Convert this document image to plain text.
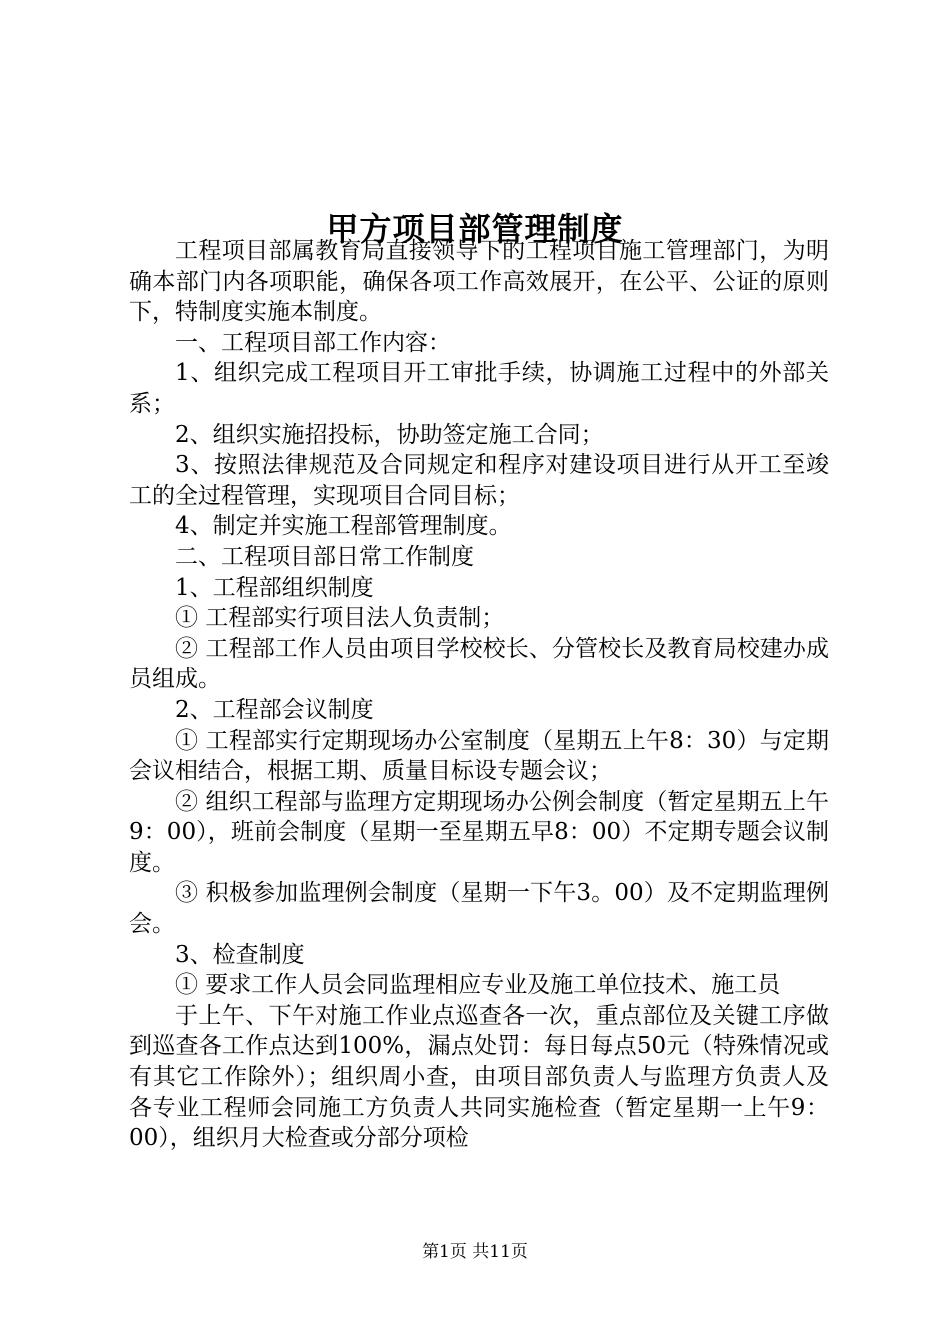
甲方项目部管理制度

工程项目部属教育局直接领导下的工程项目施工管理部门，为明确本部门内各项职能，确保各项工作高效展开，在公平、公证的原则下，特制度实施本制度。

一、工程项目部工作内容：

1、组织完成工程项目开工审批手续，协调施工过程中的外部关系；

2、组织实施招投标，协助签定施工合同；

3、按照法律规范及合同规定和程序对建设项目进行从开工至竣工的全过程管理，实现项目合同目标；

4、制定并实施工程部管理制度。

二、工程项目部日常工作制度

1、工程部组织制度

① 工程部实行项目法人负责制；

② 工程部工作人员由项目学校校长、分管校长及教育局校建办成员组成。

2、工程部会议制度

① 工程部实行定期现场办公室制度（星期五上午8：30）与定期会议相结合，根据工期、质量目标设专题会议；

② 组织工程部与监理方定期现场办公例会制度（暂定星期五上午9：00），班前会制度（星期一至星期五早8：00）不定期专题会议制度。

③ 积极参加监理例会制度（星期一下午3。00）及不定期监理例会。

3、检查制度

① 要求工作人员会同监理相应专业及施工单位技术、施工员

于上午、下午对施工作业点巡查各一次，重点部位及关键工序做到巡查各工作点达到100%，漏点处罚：每日每点50元（特殊情况或有其它工作除外）；组织周小查，由项目部负责人与监理方负责人及各专业工程师会同施工方负责人共同实施检查（暂定星期一上午9：00），组织月大检查或分部分项检

第1页 共11页
